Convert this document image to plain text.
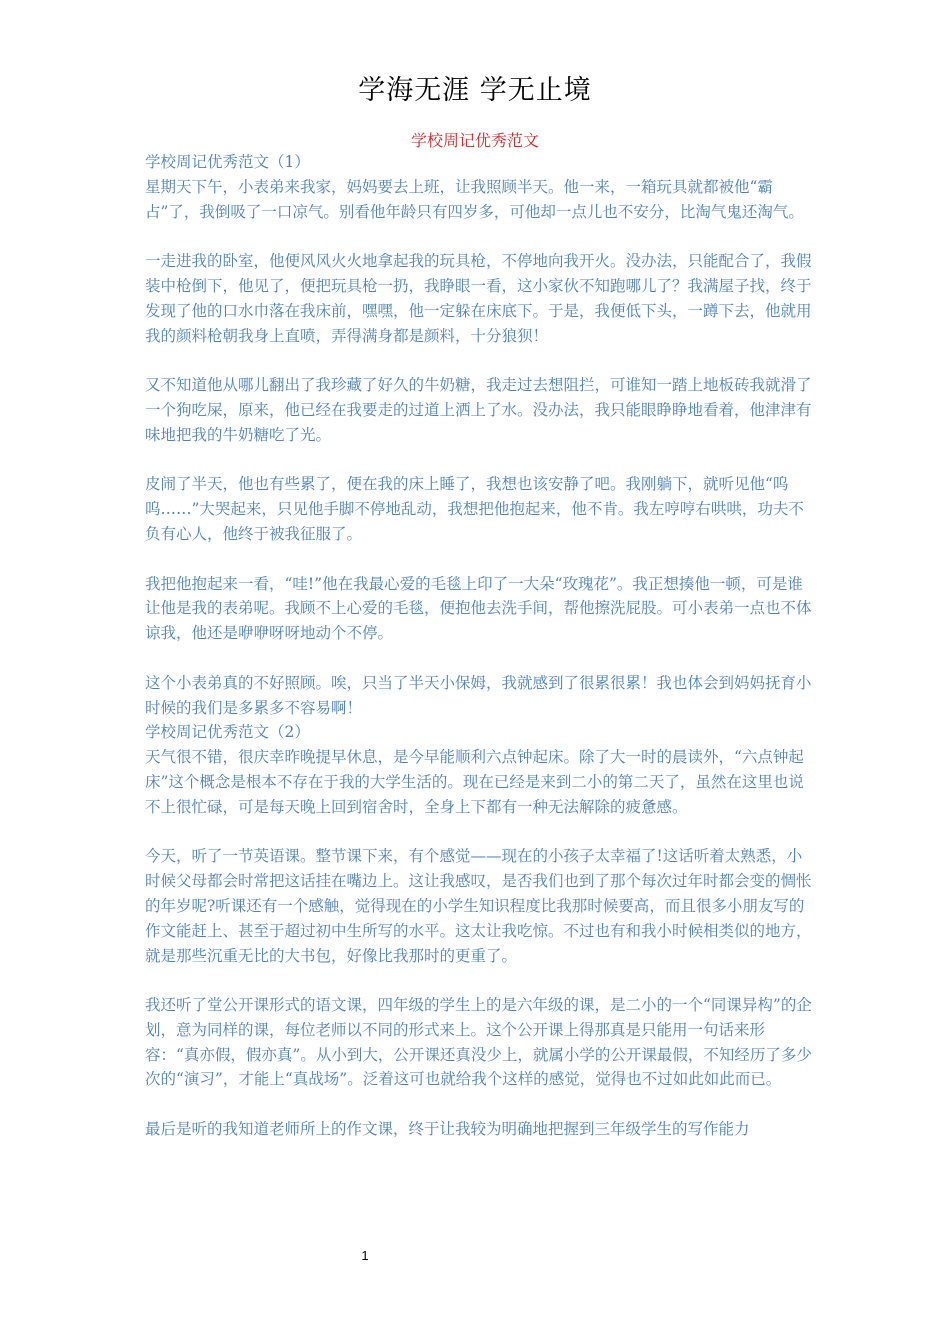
学海无涯 学无止境
学校周记优秀范文

学校周记优秀范文（1）

星期天下午，小表弟来我家，妈妈要去上班，让我照顾半天。他一来，一箱玩具就都被他“霸占”了，我倒吸了一口凉气。别看他年龄只有四岁多，可他却一点儿也不安分，比淘气鬼还淘气。

一走进我的卧室，他便风风火火地拿起我的玩具枪，不停地向我开火。没办法，只能配合了，我假装中枪倒下，他见了，便把玩具枪一扔，我睁眼一看，这小家伙不知跑哪儿了？我满屋子找，终于发现了他的口水巾落在我床前，嘿嘿，他一定躲在床底下。于是，我便低下头，一蹲下去，他就用我的颜料枪朝我身上直喷，弄得满身都是颜料，十分狼狈！

又不知道他从哪儿翻出了我珍藏了好久的牛奶糖，我走过去想阻拦，可谁知一踏上地板砖我就滑了一个狗吃屎，原来，他已经在我要走的过道上洒上了水。没办法，我只能眼睁睁地看着，他津津有味地把我的牛奶糖吃了光。

皮闹了半天，他也有些累了，便在我的床上睡了，我想也该安静了吧。我刚躺下，就听见他“呜呜……”大哭起来，只见他手脚不停地乱动，我想把他抱起来，他不肯。我左哼哼右哄哄，功夫不负有心人，他终于被我征服了。

我把他抱起来一看，“哇!”他在我最心爱的毛毯上印了一大朵“玫瑰花”。我正想揍他一顿，可是谁让他是我的表弟呢。我顾不上心爱的毛毯，便抱他去洗手间，帮他擦洗屁股。可小表弟一点也不体谅我，他还是咿咿呀呀地动个不停。

这个小表弟真的不好照顾。唉，只当了半天小保姆，我就感到了很累很累！我也体会到妈妈抚育小时候的我们是多累多不容易啊！

学校周记优秀范文（2）

天气很不错，很庆幸昨晚提早休息，是今早能顺利六点钟起床。除了大一时的晨读外，“六点钟起床”这个概念是根本不存在于我的大学生活的。现在已经是来到二小的第二天了，虽然在这里也说不上很忙碌，可是每天晚上回到宿舍时，全身上下都有一种无法解除的疲惫感。

今天，听了一节英语课。整节课下来，有个感觉——现在的小孩子太幸福了!这话听着太熟悉，小时候父母都会时常把这话挂在嘴边上。这让我感叹，是否我们也到了那个每次过年时都会变的惆怅的年岁呢?听课还有一个感触，觉得现在的小学生知识程度比我那时候要高，而且很多小朋友写的作文能赶上、甚至于超过初中生所写的水平。这太让我吃惊。不过也有和我小时候相类似的地方，就是那些沉重无比的大书包，好像比我那时的更重了。

我还听了堂公开课形式的语文课，四年级的学生上的是六年级的课，是二小的一个“同课异构”的企划，意为同样的课，每位老师以不同的形式来上。这个公开课上得那真是只能用一句话来形容：“真亦假，假亦真”。从小到大，公开课还真没少上，就属小学的公开课最假，不知经历了多少次的“演习”，才能上“真战场”。泛着这可也就给我个这样的感觉，觉得也不过如此如此而已。

最后是听的我知道老师所上的作文课，终于让我较为明确地把握到三年级学生的写作能力

1
